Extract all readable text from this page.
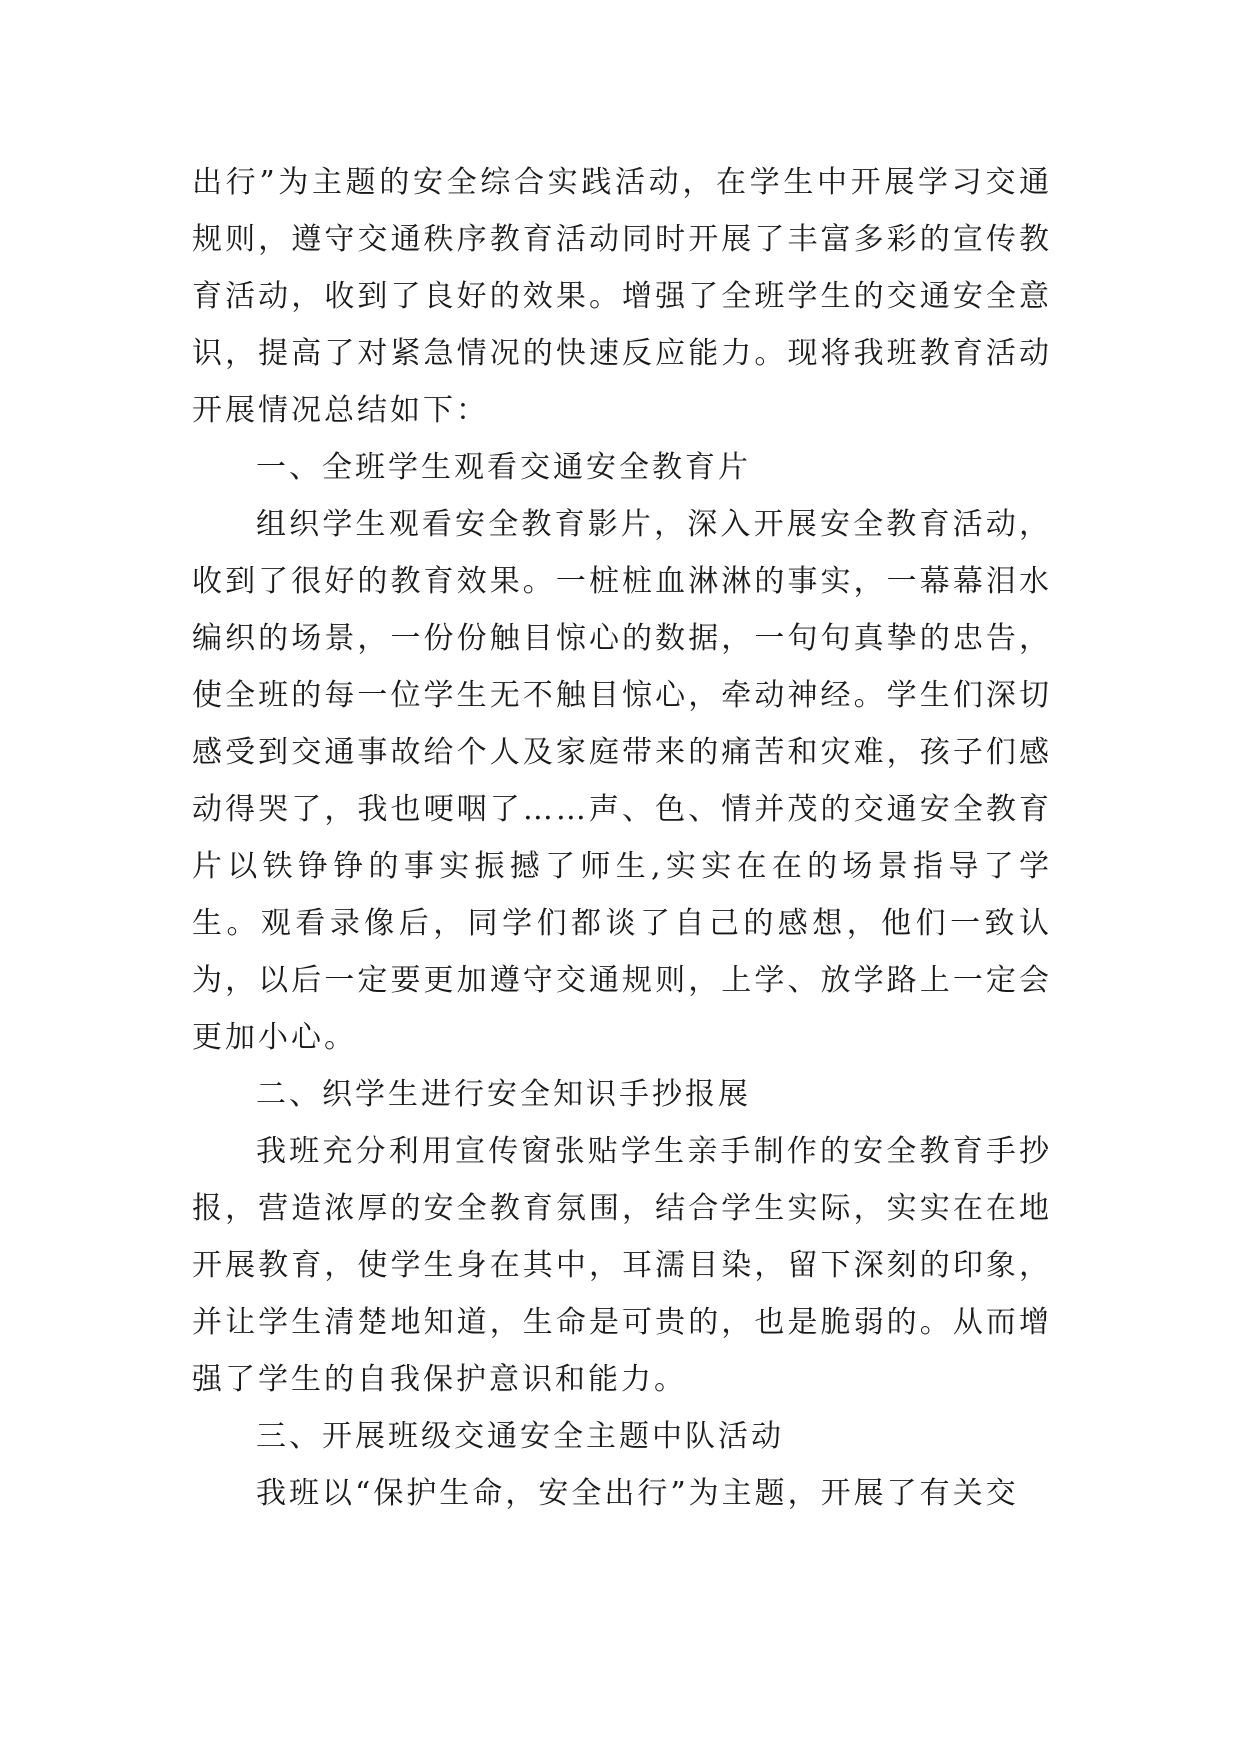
出行”为主题的安全综合实践活动，在学生中开展学习交通规则，遵守交通秩序教育活动同时开展了丰富多彩的宣传教育活动，收到了良好的效果。增强了全班学生的交通安全意识，提高了对紧急情况的快速反应能力。现将我班教育活动开展情况总结如下：

一、全班学生观看交通安全教育片

组织学生观看安全教育影片，深入开展安全教育活动，收到了很好的教育效果。一桩桩血淋淋的事实，一幕幕泪水编织的场景，一份份触目惊心的数据，一句句真挚的忠告，使全班的每一位学生无不触目惊心，牵动神经。学生们深切感受到交通事故给个人及家庭带来的痛苦和灾难，孩子们感动得哭了，我也哽咽了……声、色、情并茂的交通安全教育片以铁铮铮的事实振撼了师生,实实在在的场景指导了学生。观看录像后，同学们都谈了自己的感想，他们一致认为，以后一定要更加遵守交通规则，上学、放学路上一定会更加小心。

二、织学生进行安全知识手抄报展

我班充分利用宣传窗张贴学生亲手制作的安全教育手抄报，营造浓厚的安全教育氛围，结合学生实际，实实在在地开展教育，使学生身在其中，耳濡目染，留下深刻的印象，并让学生清楚地知道，生命是可贵的，也是脆弱的。从而增强了学生的自我保护意识和能力。

三、开展班级交通安全主题中队活动

我班以“保护生命，安全出行”为主题，开展了有关交
